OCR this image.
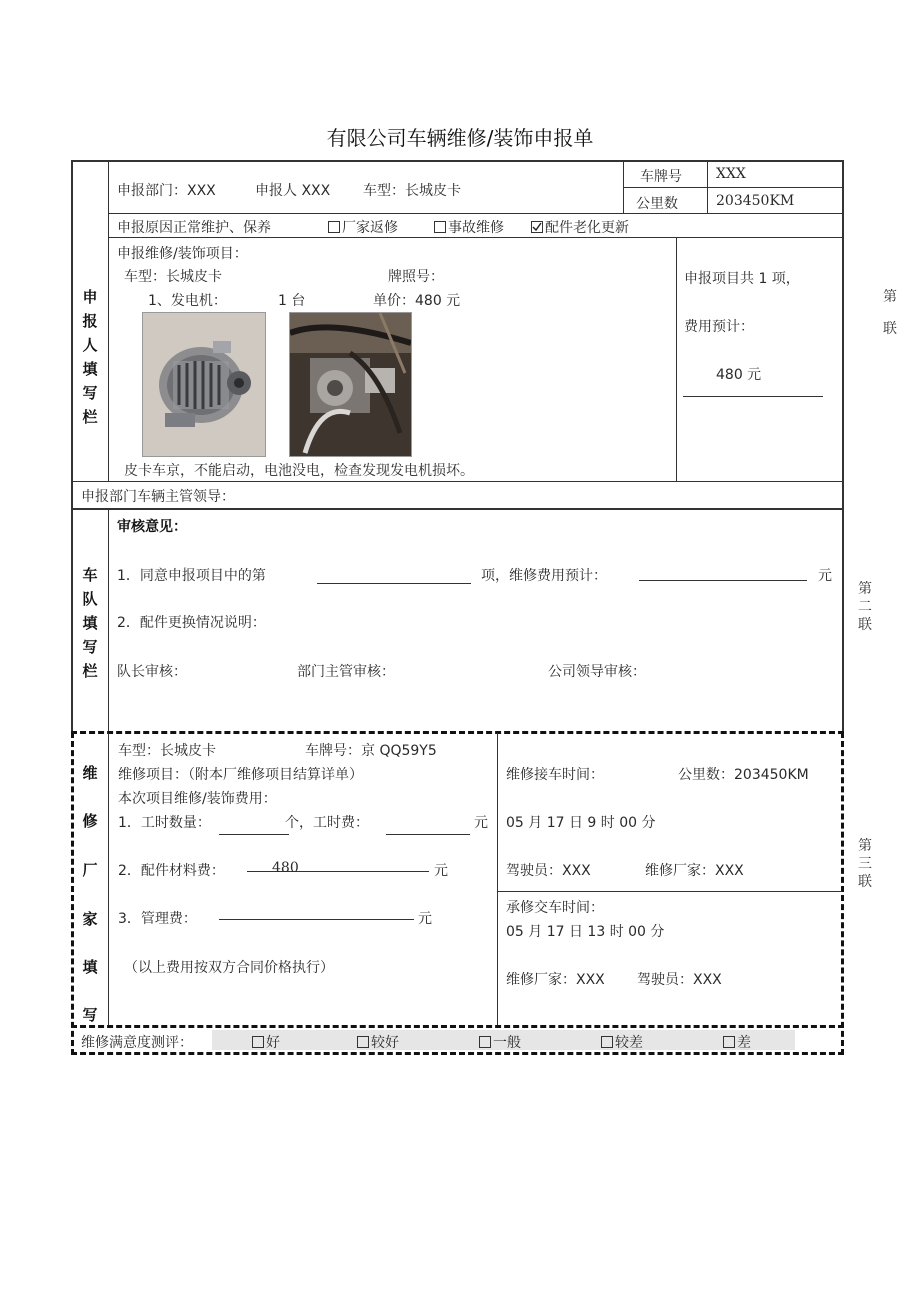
有限公司车辆维修/装饰申报单
申
报
人
填
写
栏
申报部门：XXX	申报人 XXX 车型：长城皮卡
车牌号 XXX
公里数	203450KM
申报原因正常维护、保养	厂家返修	事故维修	配件老化更新
申报维修/装饰项目：
车型：长城皮卡	牌照号：
1、发电机：	1 台	单价：480 元
皮卡车京，不能启动，电池没电，检查发现发电机损坏。
申报项目共 1 项，
费用预计：
480 元
申报部门车辆主管领导：
车
队
填
写
栏
审核意见：
1．同意申报项目中的第	项，维修费用预计：	元
2．配件更换情况说明：
队长审核：	部门主管审核：	公司领导审核：
维
修
厂
家
填
写
车型：长城皮卡	车牌号：京 QQ59Y5
维修项目：（附本厂维修项目结算详单）
本次项目维修/装饰费用：
1．工时数量：	个，工时费：	元
2．配件材料费：	480	元
3．管理费：	元
（以上费用按双方合同价格执行）
维修接车时间：	公里数：203450KM
05 月 17 日 9 时 00 分
驾驶员：XXX	维修厂家：XXX
承修交车时间：
05 月 17 日 13 时 00 分
维修厂家：XXX 驾驶员：XXX
维修满意度测评：	好	较好	一般	较差	差
第
联
第
二
联
第
三
联
